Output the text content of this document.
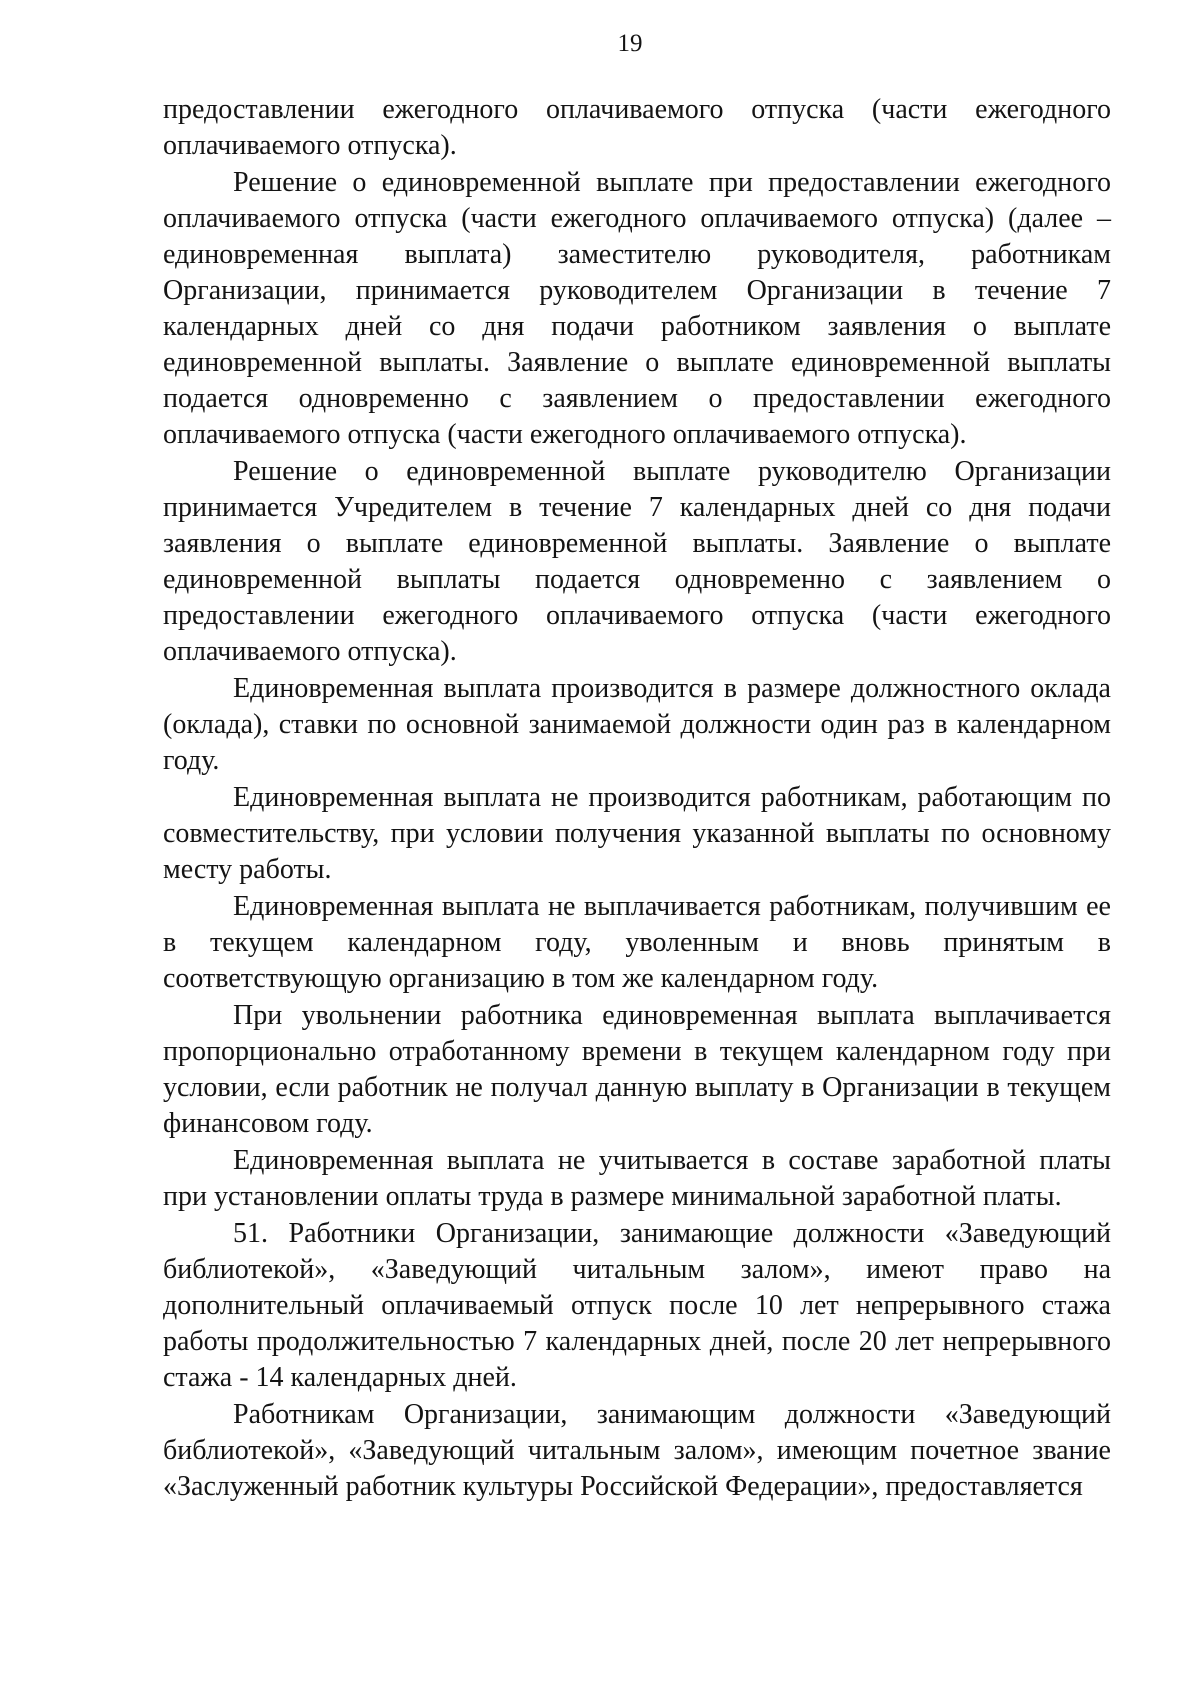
19

предоставлении ежегодного оплачиваемого отпуска (части ежегодного оплачиваемого отпуска).

Решение о единовременной выплате при предоставлении ежегодного оплачиваемого отпуска (части ежегодного оплачиваемого отпуска) (далее – единовременная выплата) заместителю руководителя, работникам Организации, принимается руководителем Организации в течение 7 календарных дней со дня подачи работником заявления о выплате единовременной выплаты. Заявление о выплате единовременной выплаты подается одновременно с заявлением о предоставлении ежегодного оплачиваемого отпуска (части ежегодного оплачиваемого отпуска).

Решение о единовременной выплате руководителю Организации принимается Учредителем в течение 7 календарных дней со дня подачи заявления о выплате единовременной выплаты. Заявление о выплате единовременной выплаты подается одновременно с заявлением о предоставлении ежегодного оплачиваемого отпуска (части ежегодного оплачиваемого отпуска).

Единовременная выплата производится в размере должностного оклада (оклада), ставки по основной занимаемой должности один раз в календарном году.

Единовременная выплата не производится работникам, работающим по совместительству, при условии получения указанной выплаты по основному месту работы.

Единовременная выплата не выплачивается работникам, получившим ее в текущем календарном году, уволенным и вновь принятым в соответствующую организацию в том же календарном году.

При увольнении работника единовременная выплата выплачивается пропорционально отработанному времени в текущем календарном году при условии, если работник не получал данную выплату в Организации в текущем финансовом году.

Единовременная выплата не учитывается в составе заработной платы при установлении оплаты труда в размере минимальной заработной платы.

51. Работники Организации, занимающие должности «Заведующий библиотекой», «Заведующий читальным залом», имеют право на дополнительный оплачиваемый отпуск после 10 лет непрерывного стажа работы продолжительностью 7 календарных дней, после 20 лет непрерывного стажа - 14 календарных дней.

Работникам Организации, занимающим должности «Заведующий библиотекой», «Заведующий читальным залом», имеющим почетное звание «Заслуженный работник культуры Российской Федерации», предоставляется
